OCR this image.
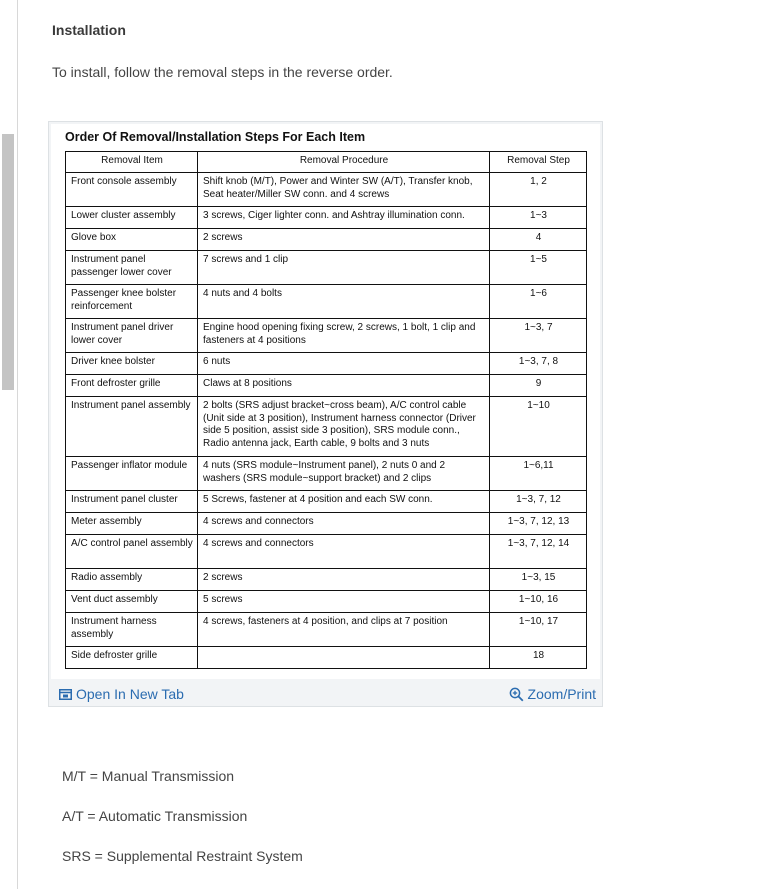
Installation

To install, follow the removal steps in the reverse order.

Order Of Removal/Installation Steps For Each Item

Removal Item	Removal Procedure	Removal Step
Front console assembly	Shift knob (M/T), Power and Winter SW (A/T), Transfer knob, Seat heater/Miller SW conn. and 4 screws	1, 2
Lower cluster assembly	3 screws, Ciger lighter conn. and Ashtray illumination conn.	1~3
Glove box	2 screws	4
Instrument panel passenger lower cover	7 screws and 1 clip	1~5
Passenger knee bolster reinforcement	4 nuts and 4 bolts	1~6
Instrument panel driver lower cover	Engine hood opening fixing screw, 2 screws, 1 bolt, 1 clip and fasteners at 4 positions	1~3, 7
Driver knee bolster	6 nuts	1~3, 7, 8
Front defroster grille	Claws at 8 positions	9
Instrument panel assembly	2 bolts (SRS adjust bracket~cross beam), A/C control cable (Unit side at 3 position), Instrument harness connector (Driver side 5 position, assist side 3 position), SRS module conn., Radio antenna jack, Earth cable, 9 bolts and 3 nuts	1~10
Passenger inflator module	4 nuts (SRS module~Instrument panel), 2 nuts 0 and 2 washers (SRS module~support bracket) and 2 clips	1~6,11
Instrument panel cluster	5 Screws, fastener at 4 position and each SW conn.	1~3, 7, 12
Meter assembly	4 screws and connectors	1~3, 7, 12, 13
A/C control panel assembly	4 screws and connectors	1~3, 7, 12, 14
Radio assembly	2 screws	1~3, 15
Vent duct assembly	5 screws	1~10, 16
Instrument harness assembly	4 screws, fasteners at 4 position, and clips at 7 position	1~10, 17
Side defroster grille		18
Open In New Tab	Zoom/Print

M/T = Manual Transmission

A/T = Automatic Transmission

SRS = Supplemental Restraint System
